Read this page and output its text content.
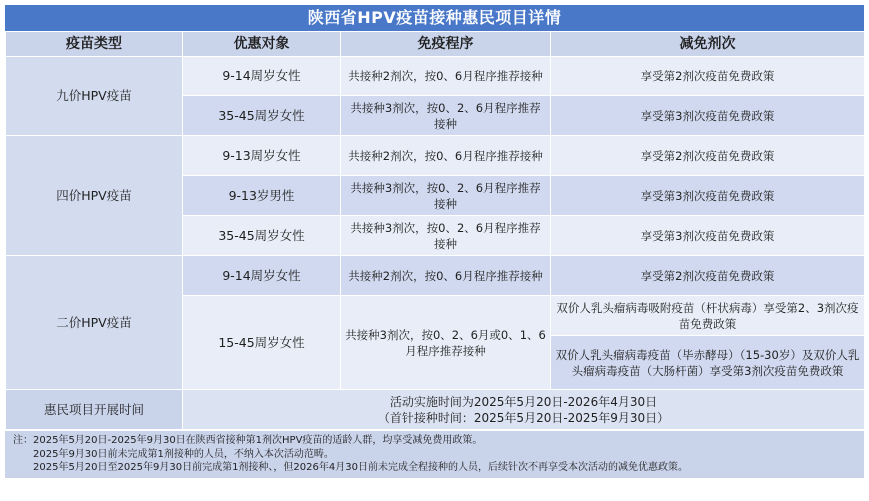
陕西省HPV疫苗接种惠民项目详情
疫苗类型	优惠对象	免疫程序	减免剂次
九价HPV疫苗	9-14周岁女性	共接种2剂次，按0、6月程序推荐接种	享受第2剂次疫苗免费政策
	35-45周岁女性	共接种3剂次，按0、2、6月程序推荐接种	享受第3剂次疫苗免费政策
四价HPV疫苗	9-13周岁女性	共接种2剂次，按0、6月程序推荐接种	享受第2剂次疫苗免费政策
	9-13岁男性	共接种3剂次，按0、2、6月程序推荐接种	享受第3剂次疫苗免费政策
	35-45周岁女性	共接种3剂次，按0、2、6月程序推荐接种	享受第3剂次疫苗免费政策
二价HPV疫苗	9-14周岁女性	共接种2剂次，按0、6月程序推荐接种	享受第2剂次疫苗免费政策
	15-45周岁女性	共接种3剂次，按0、2、6月或0、1、6月程序推荐接种	双价人乳头瘤病毒吸附疫苗（杆状病毒）享受第2、3剂次疫苗免费政策
			双价人乳头瘤病毒疫苗（毕赤酵母）（15-30岁）及双价人乳头瘤病毒疫苗（大肠杆菌）享受第3剂次疫苗免费政策
惠民项目开展时间	活动实施时间为2025年5月20日-2026年4月30日
（首针接种时间：2025年5月20日-2025年9月30日）		
注：2025年5月20日-2025年9月30日在陕西省接种第1剂次HPV疫苗的适龄人群，均享受减免费用政策。
2025年9月30日前未完成第1剂接种的人员，不纳入本次活动范畴。
2025年5月20日至2025年9月30日前完成第1剂接种、，但2026年4月30日前未完成全程接种的人员，后续针次不再享受本次活动的减免优惠政策。
